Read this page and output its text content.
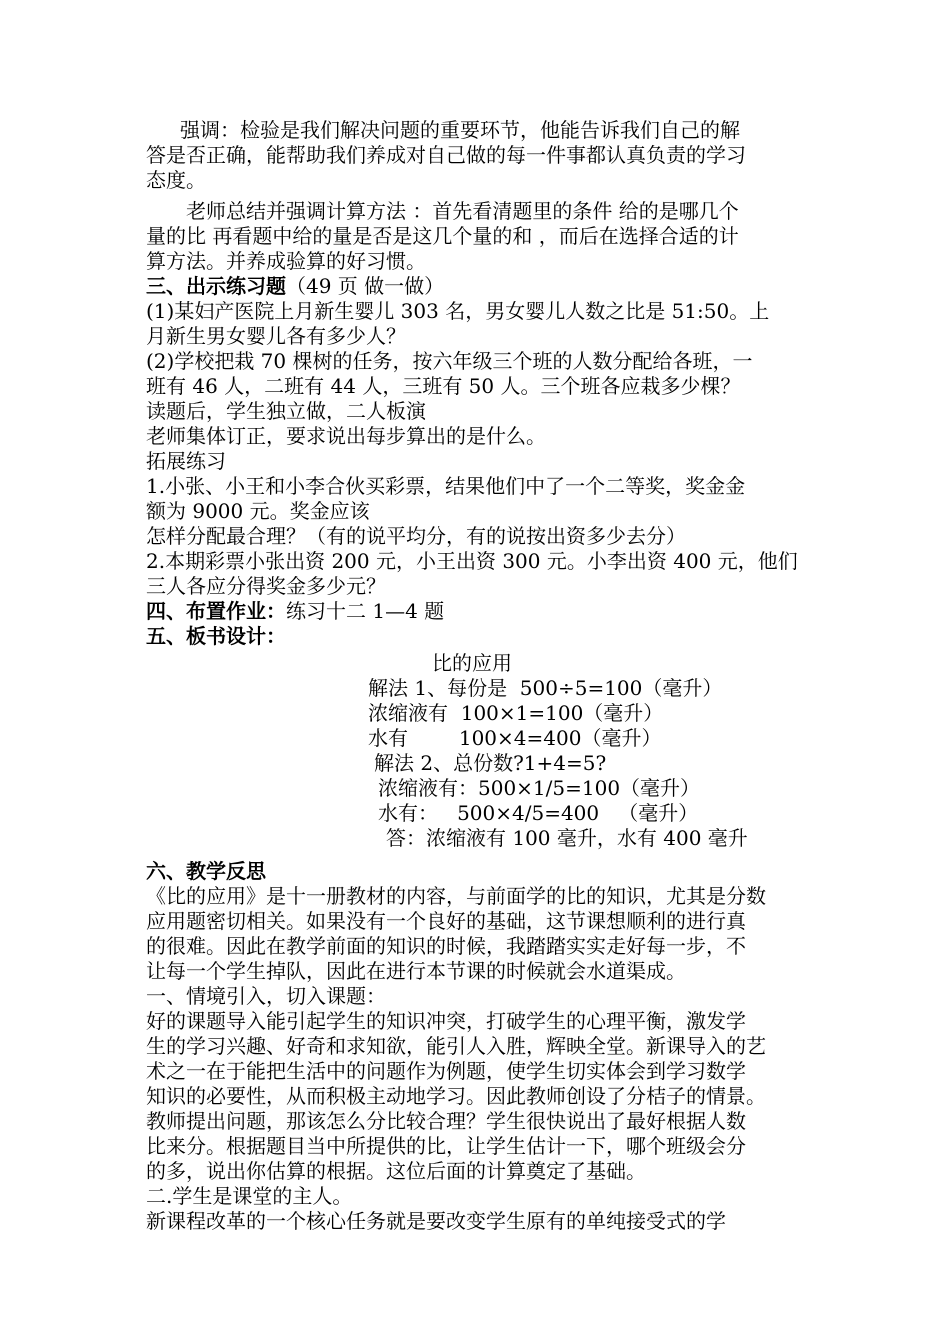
强调：检验是我们解决问题的重要环节，他能告诉我们自己的解
答是否正确，能帮助我们养成对自己做的每一件事都认真负责的学习
态度。
老师总结并强调计算方法 ：首先看清题里的条件 给的是哪几个
量的比 再看题中给的量是否是这几个量的和 ，而后在选择合适的计
算方法。并养成验算的好习惯。
三、出示练习题（49 页 做一做）
(1)某妇产医院上月新生婴儿 303 名，男女婴儿人数之比是 51:50。上
月新生男女婴儿各有多少人？
(2)学校把栽 70 棵树的任务，按六年级三个班的人数分配给各班，一
班有 46 人，二班有 44 人，三班有 50 人。三个班各应栽多少棵？
读题后，学生独立做，二人板演
老师集体订正，要求说出每步算出的是什么。
拓展练习
1.小张、小王和小李合伙买彩票，结果他们中了一个二等奖，奖金金
额为 9000 元。奖金应该
怎样分配最合理？（有的说平均分，有的说按出资多少去分）
2.本期彩票小张出资 200 元，小王出资 300 元。小李出资 400 元，他们
三人各应分得奖金多少元？
四、布置作业：练习十二 1—4 题
五、板书设计：
比的应用
解法 1、每份是  500÷5=100（毫升）
浓缩液有  100×1=100（毫升）
水有        100×4=400（毫升）
解法 2、总份数?1+4=5?
浓缩液有：500×1/5=100（毫升）
水有：   500×4/5=400   （毫升）
答：浓缩液有 100 毫升，水有 400 毫升
六、教学反思
《比的应用》是十一册教材的内容，与前面学的比的知识，尤其是分数
应用题密切相关。如果没有一个良好的基础，这节课想顺利的进行真
的很难。因此在教学前面的知识的时候，我踏踏实实走好每一步，不
让每一个学生掉队，因此在进行本节课的时候就会水道渠成。
一、情境引入，切入课题：
好的课题导入能引起学生的知识冲突，打破学生的心理平衡，激发学
生的学习兴趣、好奇和求知欲，能引人入胜，辉映全堂。新课导入的艺
术之一在于能把生活中的问题作为例题，使学生切实体会到学习数学
知识的必要性，从而积极主动地学习。因此教师创设了分桔子的情景。
教师提出问题，那该怎么分比较合理？学生很快说出了最好根据人数
比来分。根据题目当中所提供的比，让学生估计一下，哪个班级会分
的多，说出你估算的根据。这位后面的计算奠定了基础。
二.学生是课堂的主人。
新课程改革的一个核心任务就是要改变学生原有的单纯接受式的学
